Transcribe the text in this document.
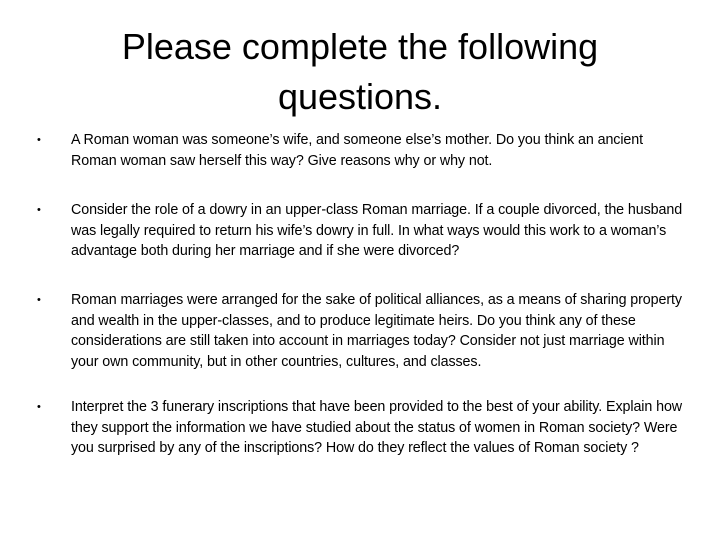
Please complete the following questions.
• A Roman woman was someone’s wife, and someone else’s mother. Do you think an ancient Roman woman saw herself this way? Give reasons why or why not.
• Consider the role of a dowry in an upper-class Roman marriage. If a couple divorced, the husband was legally required to return his wife’s dowry in full. In what ways would this work to a woman’s advantage both during her marriage and if she were divorced?
• Roman marriages were arranged for the sake of political alliances, as a means of sharing property and wealth in the upper-classes, and to produce legitimate heirs. Do you think any of these considerations are still taken into account in marriages today? Consider not just marriage within your own community, but in other countries, cultures, and classes.
• Interpret the 3 funerary inscriptions that have been provided to the best of your ability. Explain how they support the information we have studied about the status of women in Roman society? Were you surprised by any of the inscriptions? How do they reflect the values of Roman society ?
